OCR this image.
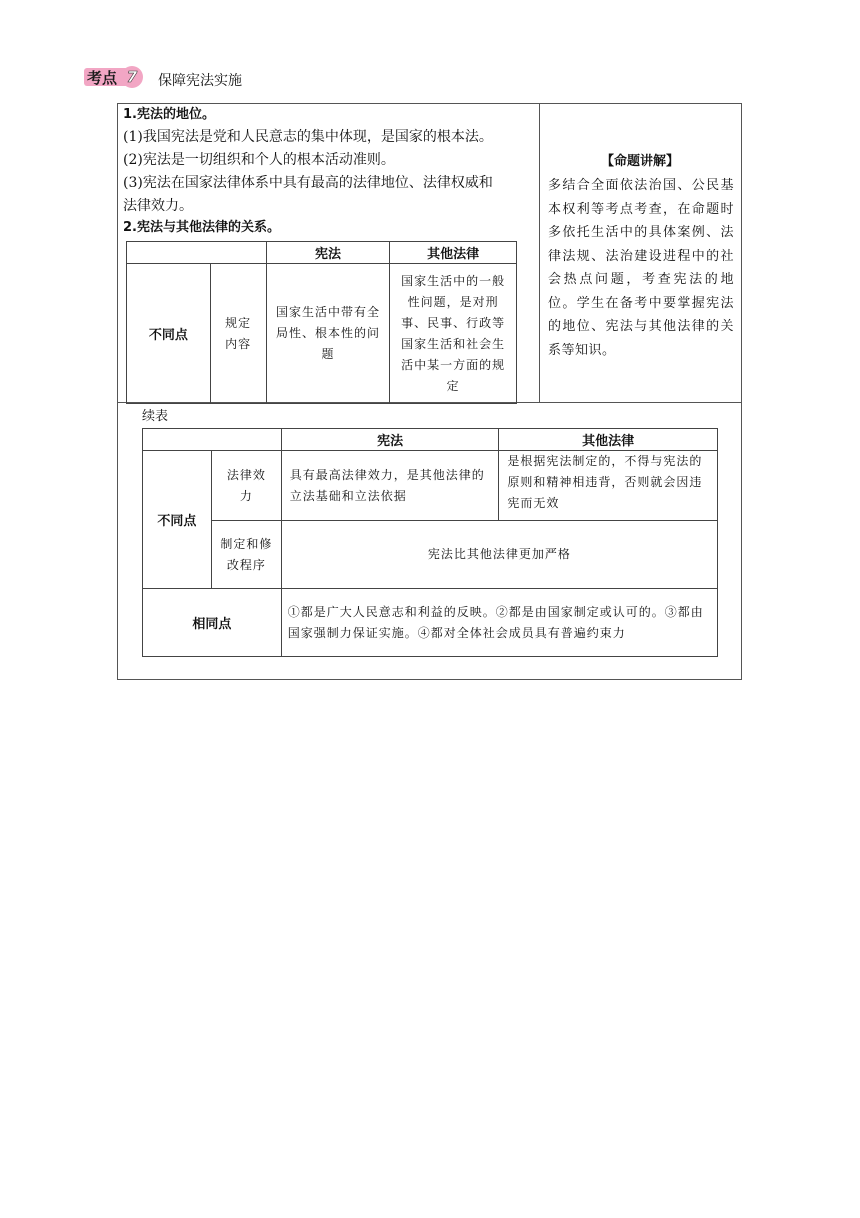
考点 7	保障宪法实施
1.宪法的地位。
(1)我国宪法是党和人民意志的集中体现，是国家的根本法。
(2)宪法是一切组织和个人的根本活动准则。
(3)宪法在国家法律体系中具有最高的法律地位、法律权威和
法律效力。
2.宪法与其他法律的关系。
【命题讲解】
多结合全面依法治国、公民基本权利等考点考查，在命题时多依托生活中的具体案例、法律法规、法治建设进程中的社会热点问题，考查宪法的地位。学生在备考中要掌握宪法的地位、宪法与其他法律的关系等知识。
		宪法	其他法律
不同点	规定内容	国家生活中带有全局性、根本性的问题	国家生活中的一般性问题，是对刑事、民事、行政等国家生活和社会生活中某一方面的规定
续表
		宪法	其他法律
不同点	法律效力	具有最高法律效力，是其他法律的立法基础和立法依据	是根据宪法制定的，不得与宪法的原则和精神相违背，否则就会因违宪而无效
	制定和修改程序	宪法比其他法律更加严格	
相同点		①都是广大人民意志和利益的反映。②都是由国家制定或认可的。③都由国家强制力保证实施。④都对全体社会成员具有普遍约束力	
